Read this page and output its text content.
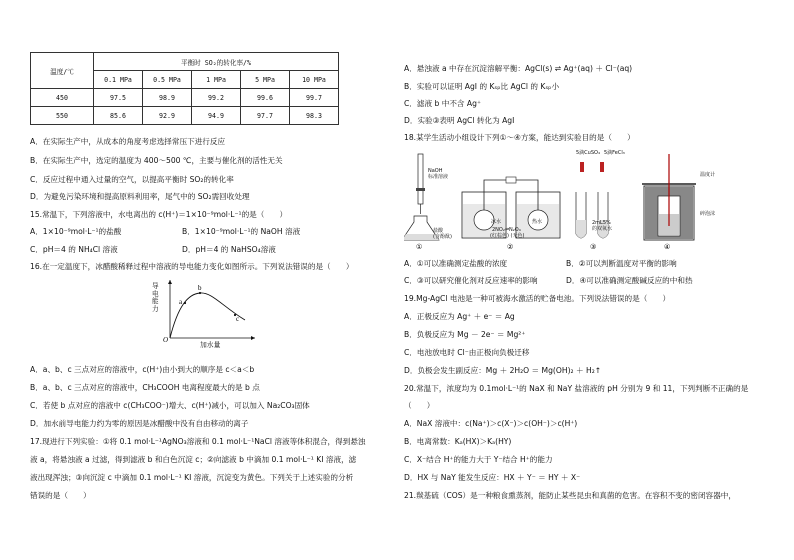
温度/℃	平衡时 SO₂的转化率/%				
	0.1 MPa	0.5 MPa	1 MPa	5 MPa	10 MPa
450	97.5	98.9	99.2	99.6	99.7
550	85.6	92.9	94.9	97.7	98.3
A．在实际生产中，从成本的角度考虑选择常压下进行反应
B．在实际生产中，选定的温度为 400～500 ℃，主要与催化剂的活性无关
C．反应过程中通入过量的空气，以提高平衡时 SO₂的转化率
D．为避免污染环境和提高原料利用率，尾气中的 SO₂需回收处理
15.常温下，下列溶液中，水电离出的 c(H⁺)＝1×10⁻⁹mol·L⁻¹的是（　　）
A．1×10⁻⁹mol·L⁻¹的盐酸	B．1×10⁻⁹mol·L⁻¹的 NaOH 溶液
C．pH＝4 的 NH₄Cl 溶液	D．pH＝4 的 NaHSO₄溶液
16.在一定温度下，冰醋酸稀释过程中溶液的导电能力变化如图所示。下列说法错误的是（　　）
O
a
b
c
导电能力
加水量
A．a、b、c 三点对应的溶液中，c(H⁺)由小到大的顺序是 c＜a＜b
B．a、b、c 三点对应的溶液中，CH₃COOH 电离程度最大的是 b 点
C．若使 b 点对应的溶液中 c(CH₃COO⁻)增大、c(H⁺)减小，可以加入 Na₂CO₃固体
D．加水前导电能力约为零的原因是冰醋酸中没有自由移动的离子
17.现进行下列实验：①将 0.1 mol·L⁻¹AgNO₃溶液和 0.1 mol·L⁻¹NaCl 溶液等体积混合，得到悬浊
液 a，将悬浊液 a 过滤，得到滤液 b 和白色沉淀 c；②向滤液 b 中滴加 0.1 mol·L⁻¹ KI 溶液，滤
液出现浑浊；③向沉淀 c 中滴加 0.1 mol·L⁻¹ KI 溶液，沉淀变为黄色。下列关于上述实验的分析
错误的是（　　）
A．悬浊液 a 中存在沉淀溶解平衡：AgCl(s) ⇌ Ag⁺(aq) ＋ Cl⁻(aq)
B．实验可以证明 AgI 的 Kₛₚ比 AgCl 的 Kₛₚ小
C．滤液 b 中不含 Ag⁺
D．实验③表明 AgCl 转化为 AgI
18.某学生活动小组设计下列①～④方案，能达到实验目的是（　　）
①	②	③	④
NaOH
标准溶液
盐酸
(含酚酞)
冰水	热水
2NO₂⇌N₂O₄
(红棕色) (无色)
5滴CuSO₄ 5滴FeCl₃
2mL5%
的双氧水
温度计
碎泡沫
A．①可以准确测定盐酸的浓度	B．②可以判断温度对平衡的影响
C．③可以研究催化剂对反应速率的影响	D．④可以准确测定酸碱反应的中和热
19.Mg-AgCl 电池是一种可被海水激活的贮备电池。下列说法错误的是（　　）
A．正极反应为 Ag⁺ ＋ e⁻ ＝ Ag
B．负极反应为 Mg － 2e⁻ ＝ Mg²⁺
C．电池放电时 Cl⁻由正极向负极迁移
D．负极会发生副反应：Mg ＋ 2H₂O ＝ Mg(OH)₂ ＋ H₂↑
20.常温下，浓度均为 0.1mol·L⁻¹的 NaX 和 NaY 盐溶液的 pH 分别为 9 和 11，下列判断不正确的是
（　　）
A．NaX 溶液中：c(Na⁺)＞c(X⁻)＞c(OH⁻)＞c(H⁺)
B．电离常数：Kₐ(HX)＞Kₐ(HY)
C．X⁻结合 H⁺的能力大于 Y⁻结合 H⁺的能力
D．HX 与 NaY 能发生反应：HX ＋ Y⁻ ＝ HY ＋ X⁻
21.羰基硫（COS）是一种粮食熏蒸剂，能防止某些昆虫和真菌的危害。在容积不变的密闭容器中，
